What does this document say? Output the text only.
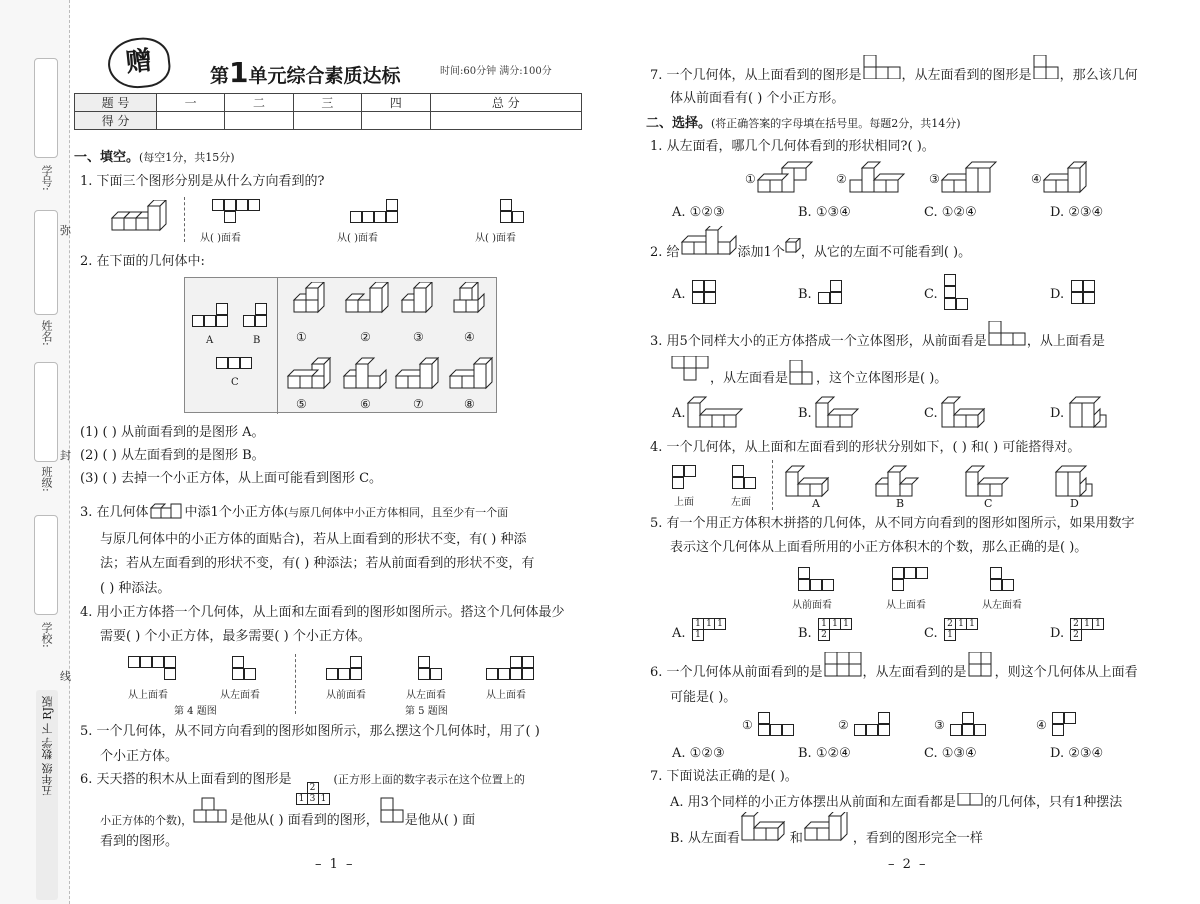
学号:
姓名:
班级:
学校:
弥
封
线
五年级 数学 下 RJ版
赠	第1单元综合素质达标	时间:60分钟 满分:100分
题 号	一	二	三	四	总 分
得 分					
一、填空。(每空1分，共15分)
1. 下面三个图形分别是从什么方向看到的?
从( )面看	从( )面看	从( )面看
2. 在下面的几何体中:
A	B
C
①	②	③	④
⑤	⑥	⑦	⑧
(1) ( ) 从前面看到的是图形 A。
(2) ( ) 从左面看到的是图形 B。
(3) ( ) 去掉一个小正方体，从上面可能看到图形 C。
3. 在几何体	中添1个小正方体(与原几何体中小正方体相同，且至少有一个面
与原几何体中的小正方体的面贴合)，若从上面看到的形状不变，有( ) 种添
法；若从左面看到的形状不变，有( ) 种添法；若从前面看到的形状不变，有
( ) 种添法。
4. 用小正方体搭一个几何体，从上面和左面看到的图形如图所示。搭这个几何体最少
需要( ) 个小正方体，最多需要( ) 个小正方体。
从上面看	从左面看
第 4 题图
从前面看	从左面看	从上面看
第 5 题图
5. 一个几何体，从不同方向看到的图形如图所示，那么摆这个几何体时，用了( )
个小正方体。
6. 天天搭的积木从上面看到的图形是	2	
1	3	1(正方形上面的数字表示在这个位置上的
小正方体的个数)，	是他从( ) 面看到的图形， 是他从( ) 面
看到的图形。
– 1 –
7. 一个几何体，从上面看到的图形是	，从左面看到的图形是 ，那么该几何
体从前面看有( ) 个小正方形。
二、选择。(将正确答案的字母填在括号里。每题2分，共14分)
1. 从左面看，哪几个几何体看到的形状相同?( )。
①	②	③	④
A. ①②③	B. ①③④	C. ①②④	D. ②③④
2. 给	添加1个 ，从它的左面不可能看到( )。
A.	B.	C.	D.
3. 用5个同样大小的正方体搭成一个立体图形，从前面看是	，从上面看是
，从左面看是 ，这个立体图形是( )。
A.	B.	C.	D.
4. 一个几何体，从上面和左面看到的形状分别如下，( ) 和( ) 可能搭得对。
上面	左面	A	B	C	D
5. 有一个用正方体积木拼搭的几何体，从不同方向看到的图形如图所示，如果用数字
表示这个几何体从上面看所用的小正方体积木的个数，那么正确的是( )。
从前面看	从上面看	从左面看
A.
1	1	1
1			B.
1	1	1
2			C.
2	1	1
1			D.
2	1	1
2		
6. 一个几何体从前面看到的是	，从左面看到的是 ，则这个几何体从上面看
可能是( )。
①	②	③	④
A. ①②③	B. ①②④	C. ①③④	D. ②③④
7. 下面说法正确的是( )。
A. 用3个同样的小正方体摆出从前面和左面看都是 的几何体，只有1种摆法
B. 从左面看	和	，看到的图形完全一样
– 2 –
